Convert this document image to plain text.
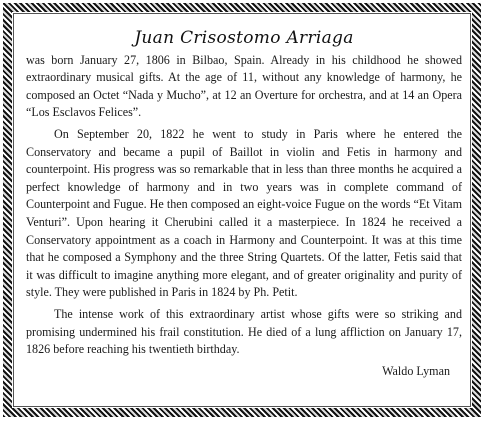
Juan Crisostomo Arriaga

was born January 27, 1806 in Bilbao, Spain. Already in his childhood he showed extraordinary musical gifts. At the age of 11, without any knowledge of harmony, he composed an Octet “Nada y Mucho”, at 12 an Overture for orchestra, and at 14 an Opera “Los Esclavos Felices”.

On September 20, 1822 he went to study in Paris where he entered the Conservatory and became a pupil of Baillot in violin and Fetis in harmony and counterpoint. His progress was so remarkable that in less than three months he acquired a perfect knowledge of harmony and in two years was in complete command of Counterpoint and Fugue. He then composed an eight-voice Fugue on the words “Et Vitam Venturi”. Upon hearing it Cherubini called it a masterpiece. In 1824 he received a Conservatory appointment as a coach in Harmony and Counterpoint. It was at this time that he composed a Symphony and the three String Quartets. Of the latter, Fetis said that it was difficult to imagine anything more elegant, and of greater originality and purity of style. They were published in Paris in 1824 by Ph. Petit.

The intense work of this extraordinary artist whose gifts were so striking and promising undermined his frail constitution. He died of a lung affliction on January 17, 1826 before reaching his twentieth birthday.

Waldo Lyman
